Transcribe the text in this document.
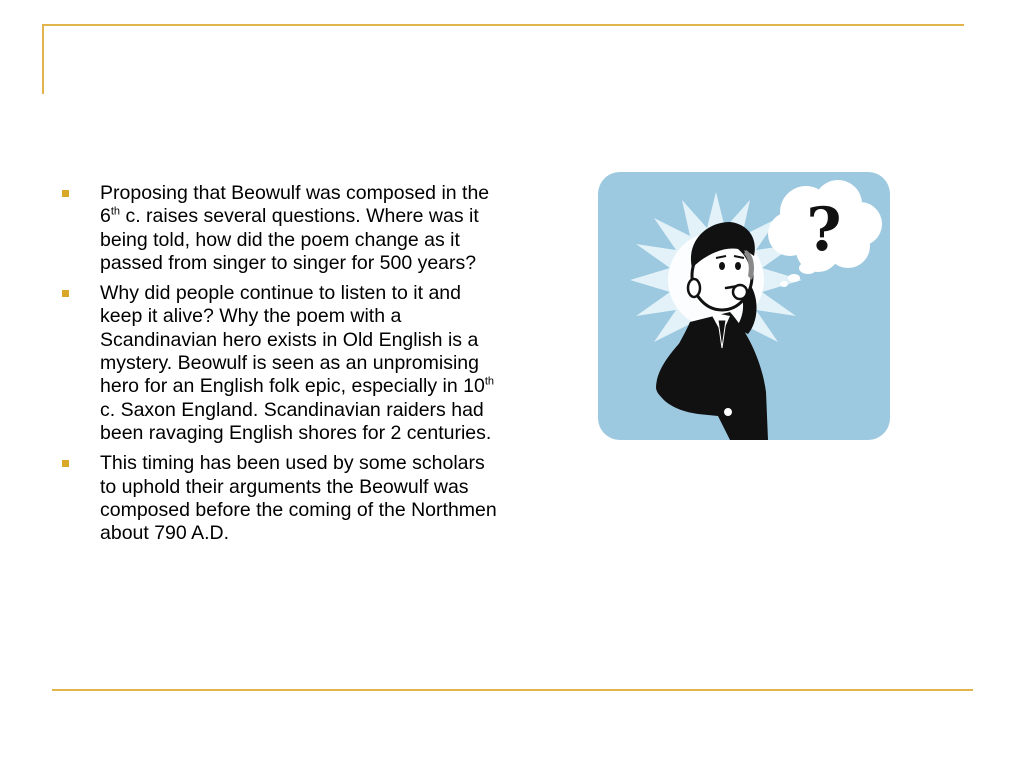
Proposing that Beowulf was composed in the 6th c. raises several questions. Where was it being told, how did the poem change as it passed from singer to singer for 500 years?

Why did people continue to listen to it and keep it alive? Why the poem with a Scandinavian hero exists in Old English is a mystery. Beowulf is seen as an unpromising hero for an English folk epic, especially in 10th c. Saxon England. Scandinavian raiders had been ravaging English shores for 2 centuries.

This timing has been used by some scholars to uphold their arguments the Beowulf was composed before the coming of the Northmen about 790 A.D.

?
